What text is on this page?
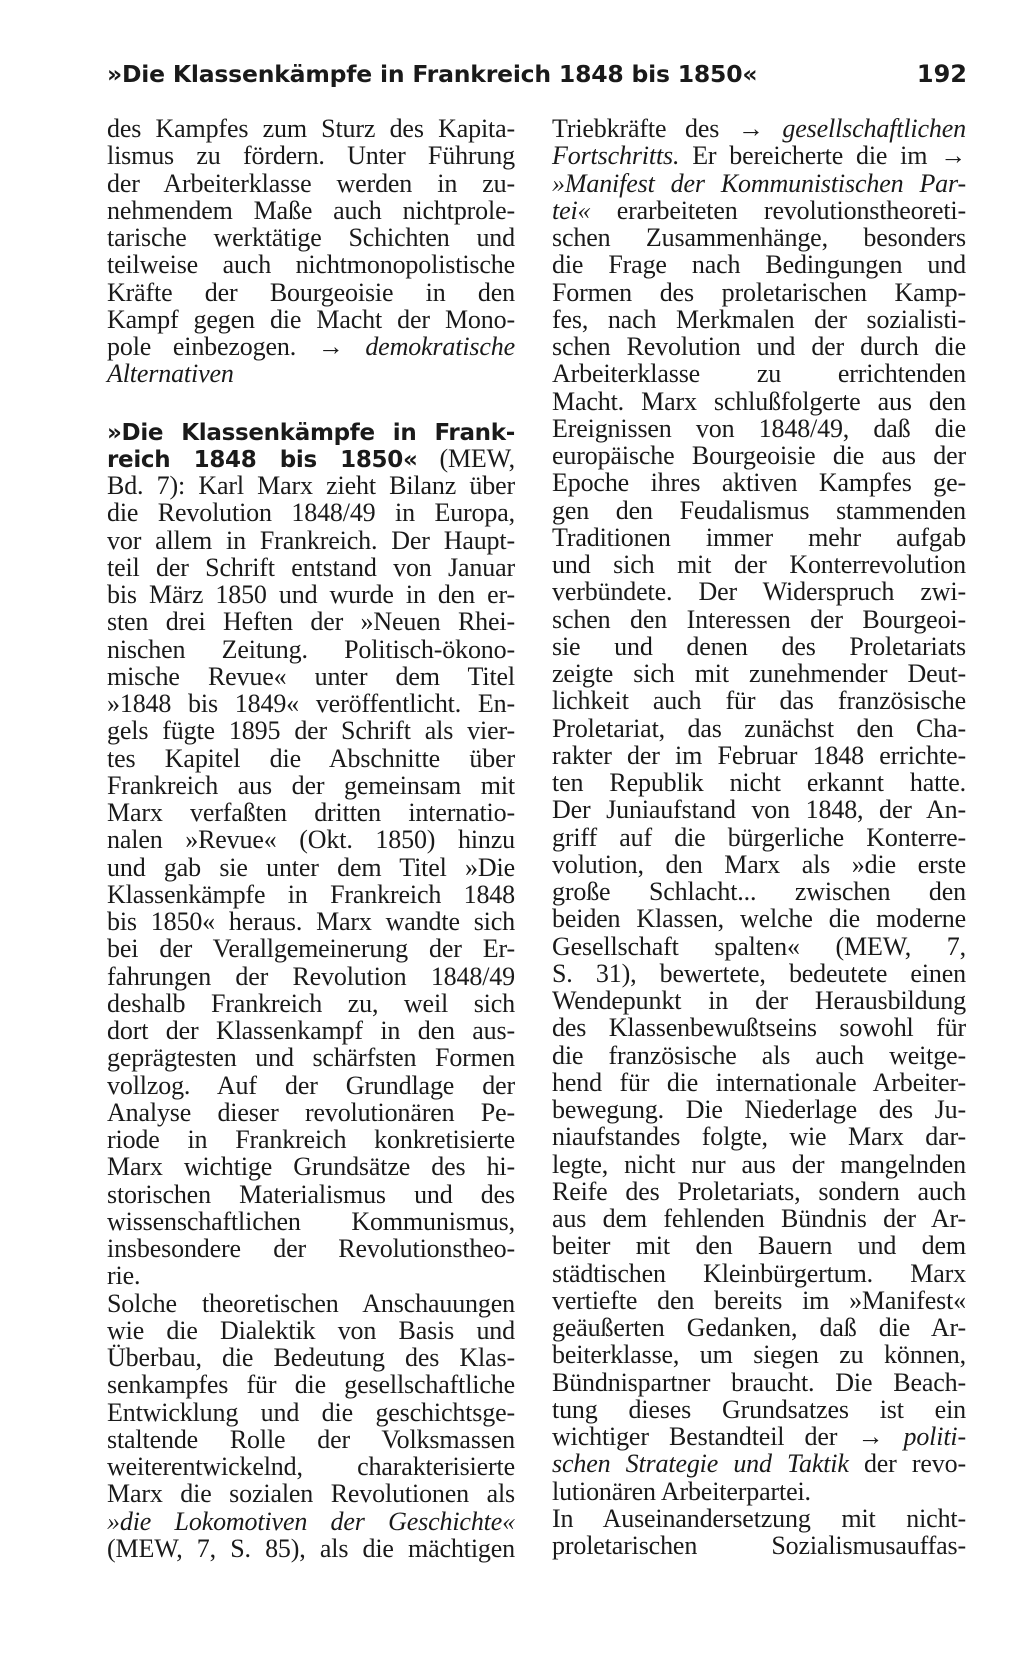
»Die Klassenkämpfe in Frankreich 1848 bis 1850«	192
des Kampfes zum Sturz des Kapita-
lismus zu fördern. Unter Führung
der Arbeiterklasse werden in zu-
nehmendem Maße auch nichtprole-
tarische werktätige Schichten und
teilweise auch nichtmonopolistische
Kräfte der Bourgeoisie in den
Kampf gegen die Macht der Mono-
pole einbezogen. → demokratische
Alternativen
»Die Klassenkämpfe in Frank-
reich 1848 bis 1850« (MEW,
Bd. 7): Karl Marx zieht Bilanz über
die Revolution 1848/49 in Europa,
vor allem in Frankreich. Der Haupt-
teil der Schrift entstand von Januar
bis März 1850 und wurde in den er-
sten drei Heften der »Neuen Rhei-
nischen Zeitung. Politisch-ökono-
mische Revue« unter dem Titel
»1848 bis 1849« veröffentlicht. En-
gels fügte 1895 der Schrift als vier-
tes Kapitel die Abschnitte über
Frankreich aus der gemeinsam mit
Marx verfaßten dritten internatio-
nalen »Revue« (Okt. 1850) hinzu
und gab sie unter dem Titel »Die
Klassenkämpfe in Frankreich 1848
bis 1850« heraus. Marx wandte sich
bei der Verallgemeinerung der Er-
fahrungen der Revolution 1848/49
deshalb Frankreich zu, weil sich
dort der Klassenkampf in den aus-
geprägtesten und schärfsten Formen
vollzog. Auf der Grundlage der
Analyse dieser revolutionären Pe-
riode in Frankreich konkretisierte
Marx wichtige Grundsätze des hi-
storischen Materialismus und des
wissenschaftlichen Kommunismus,
insbesondere der Revolutionstheo-
rie.
Solche theoretischen Anschauungen
wie die Dialektik von Basis und
Überbau, die Bedeutung des Klas-
senkampfes für die gesellschaftliche
Entwicklung und die geschichtsge-
staltende Rolle der Volksmassen
weiterentwickelnd, charakterisierte
Marx die sozialen Revolutionen als
»die Lokomotiven der Geschichte«
(MEW, 7, S. 85), als die mächtigen
Triebkräfte des → gesellschaftlichen
Fortschritts. Er bereicherte die im →
»Manifest der Kommunistischen Par-
tei« erarbeiteten revolutionstheoreti-
schen Zusammenhänge, besonders
die Frage nach Bedingungen und
Formen des proletarischen Kamp-
fes, nach Merkmalen der sozialisti-
schen Revolution und der durch die
Arbeiterklasse zu errichtenden
Macht. Marx schlußfolgerte aus den
Ereignissen von 1848/49, daß die
europäische Bourgeoisie die aus der
Epoche ihres aktiven Kampfes ge-
gen den Feudalismus stammenden
Traditionen immer mehr aufgab
und sich mit der Konterrevolution
verbündete. Der Widerspruch zwi-
schen den Interessen der Bourgeoi-
sie und denen des Proletariats
zeigte sich mit zunehmender Deut-
lichkeit auch für das französische
Proletariat, das zunächst den Cha-
rakter der im Februar 1848 errichte-
ten Republik nicht erkannt hatte.
Der Juniaufstand von 1848, der An-
griff auf die bürgerliche Konterre-
volution, den Marx als »die erste
große Schlacht... zwischen den
beiden Klassen, welche die moderne
Gesellschaft spalten« (MEW, 7,
S. 31), bewertete, bedeutete einen
Wendepunkt in der Herausbildung
des Klassenbewußtseins sowohl für
die französische als auch weitge-
hend für die internationale Arbeiter-
bewegung. Die Niederlage des Ju-
niaufstandes folgte, wie Marx dar-
legte, nicht nur aus der mangelnden
Reife des Proletariats, sondern auch
aus dem fehlenden Bündnis der Ar-
beiter mit den Bauern und dem
städtischen Kleinbürgertum. Marx
vertiefte den bereits im »Manifest«
geäußerten Gedanken, daß die Ar-
beiterklasse, um siegen zu können,
Bündnispartner braucht. Die Beach-
tung dieses Grundsatzes ist ein
wichtiger Bestandteil der → politi-
schen Strategie und Taktik der revo-
lutionären Arbeiterpartei.
In Auseinandersetzung mit nicht-
proletarischen Sozialismusauffas-
